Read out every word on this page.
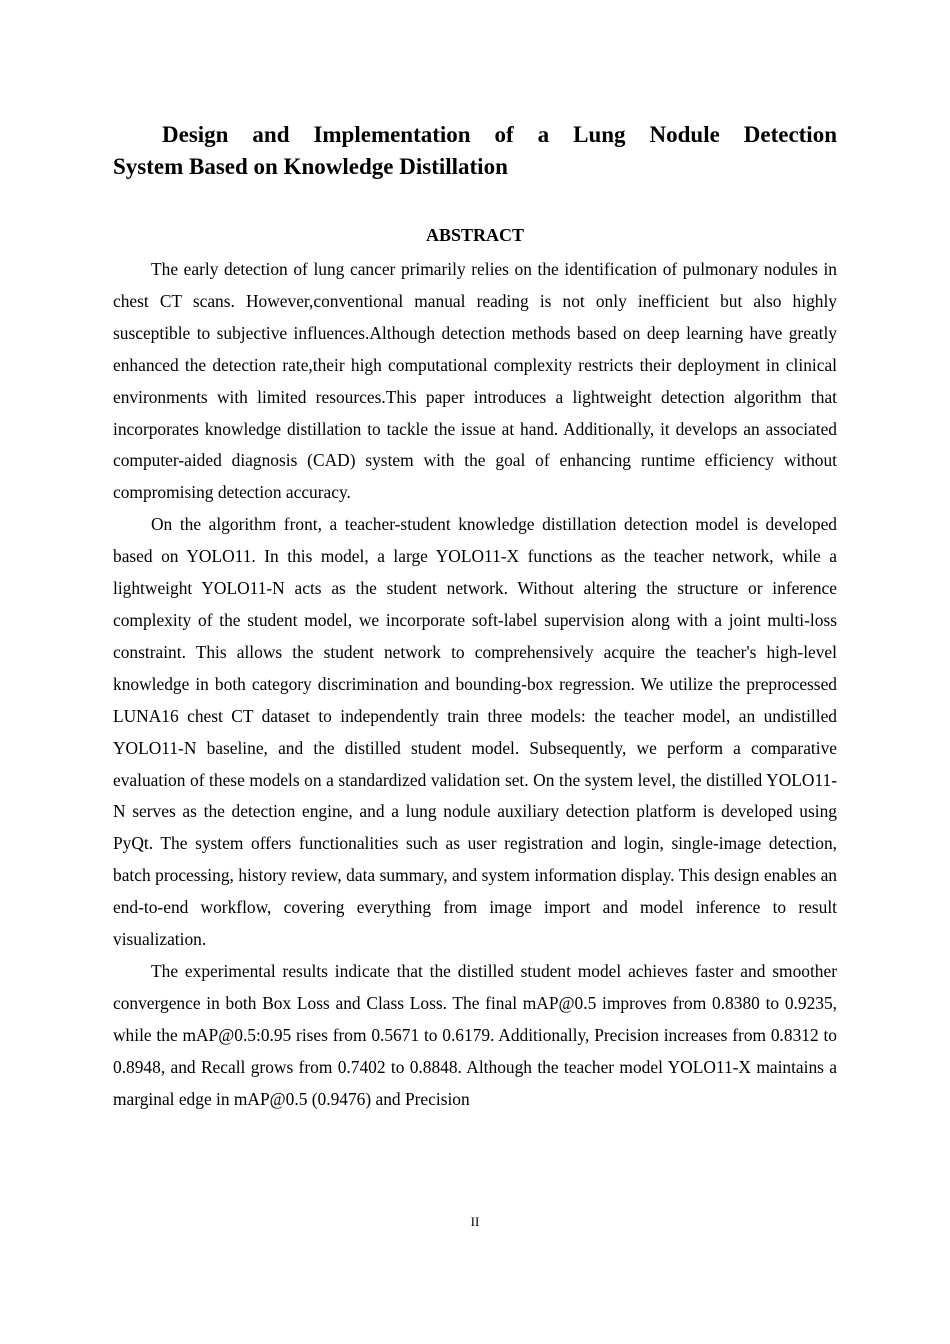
Design and Implementation of a Lung Nodule Detection
System Based on Knowledge Distillation
ABSTRACT

The early detection of lung cancer primarily relies on the identification of pulmonary nodules in chest CT scans. However,conventional manual reading is not only inefficient but also highly susceptible to subjective influences.Although detection methods based on deep learning have greatly enhanced the detection rate,their high computational complexity restricts their deployment in clinical environments with limited resources.This paper introduces a lightweight detection algorithm that incorporates knowledge distillation to tackle the issue at hand. Additionally, it develops an associated computer-aided diagnosis (CAD) system with the goal of enhancing runtime efficiency without compromising detection accuracy.

On the algorithm front, a teacher-student knowledge distillation detection model is developed based on YOLO11. In this model, a large YOLO11-X functions as the teacher network, while a lightweight YOLO11-N acts as the student network. Without altering the structure or inference complexity of the student model, we incorporate soft-label supervision along with a joint multi-loss constraint. This allows the student network to comprehensively acquire the teacher's high-level knowledge in both category discrimination and bounding-box regression. We utilize the preprocessed LUNA16 chest CT dataset to independently train three models: the teacher model, an undistilled YOLO11-N baseline, and the distilled student model. Subsequently, we perform a comparative evaluation of these models on a standardized validation set. On the system level, the distilled YOLO11-N serves as the detection engine, and a lung nodule auxiliary detection platform is developed using PyQt. The system offers functionalities such as user registration and login, single-image detection, batch processing, history review, data summary, and system information display. This design enables an end-to-end workflow, covering everything from image import and model inference to result visualization.

The experimental results indicate that the distilled student model achieves faster and smoother convergence in both Box Loss and Class Loss. The final mAP@0.5 improves from 0.8380 to 0.9235, while the mAP@0.5:0.95 rises from 0.5671 to 0.6179. Additionally, Precision increases from 0.8312 to 0.8948, and Recall grows from 0.7402 to 0.8848. Although the teacher model YOLO11-X maintains a marginal edge in mAP@0.5 (0.9476) and Precision

II
